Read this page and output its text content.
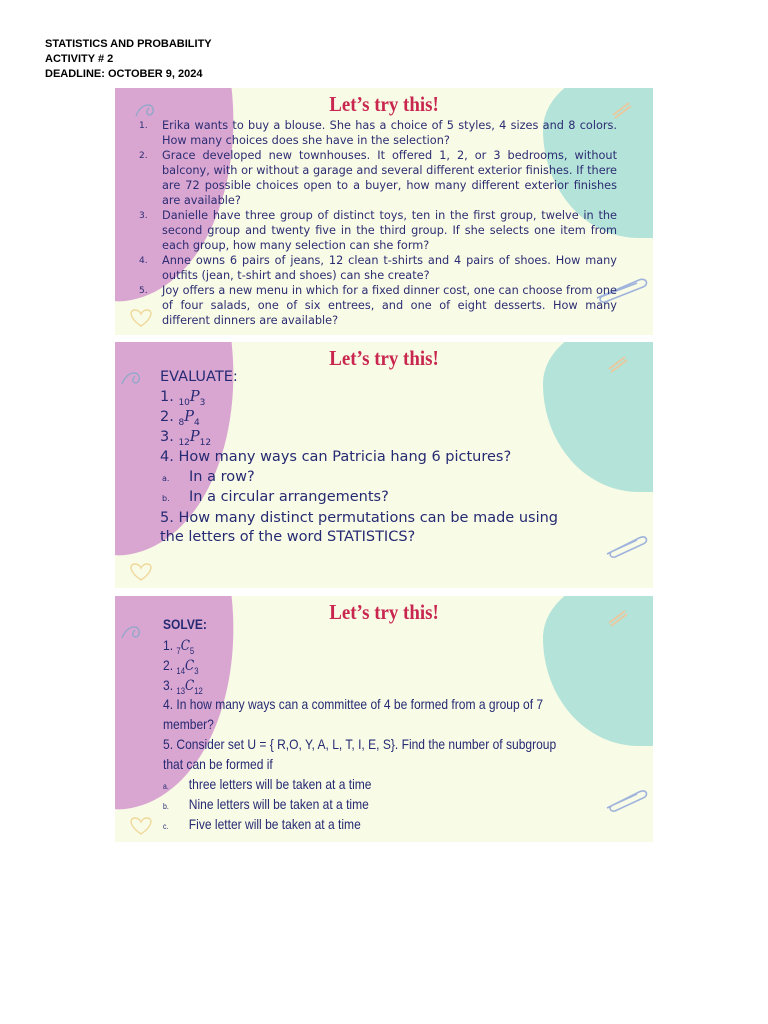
STATISTICS AND PROBABILITY
ACTIVITY # 2
DEADLINE: OCTOBER 9, 2024
Let’s try this!
1. Erika wants to buy a blouse. She has a choice of 5 styles, 4 sizes and 8 colors. How many choices does she have in the selection?
2. Grace developed new townhouses. It offered 1, 2, or 3 bedrooms, without balcony, with or without a garage and several different exterior finishes. If there are 72 possible choices open to a buyer, how many different exterior finishes are available?
3. Danielle have three group of distinct toys, ten in the first group, twelve in the second group and twenty five in the third group. If she selects one item from each group, how many selection can she form?
4. Anne owns 6 pairs of jeans, 12 clean t-shirts and 4 pairs of shoes. How many outfits (jean, t-shirt and shoes) can she create?
5. Joy offers a new menu in which for a fixed dinner cost, one can choose from one of four salads, one of six entrees, and one of eight desserts. How many different dinners are available?
Let’s try this!
EVALUATE:
1. $_{10}P_3$
2. $_8P_4$
3. $_{12}P_{12}$
4. How many ways can Patricia hang 6 pictures?
a. In a row?
b. In a circular arrangements?
5. How many distinct permutations can be made using
the letters of the word STATISTICS?
Let’s try this!
SOLVE:
1. $_7C_5$
2. $_{14}C_3$
3. $_{13}C_{12}$
4. In how many ways can a committee of 4 be formed from a group of 7
member?
5. Consider set U = { R,O, Y, A, L, T, I, E, S}. Find the number of subgroup
that can be formed if
a. three letters will be taken at a time
b. Nine letters will be taken at a time
c. Five letter will be taken at a time
